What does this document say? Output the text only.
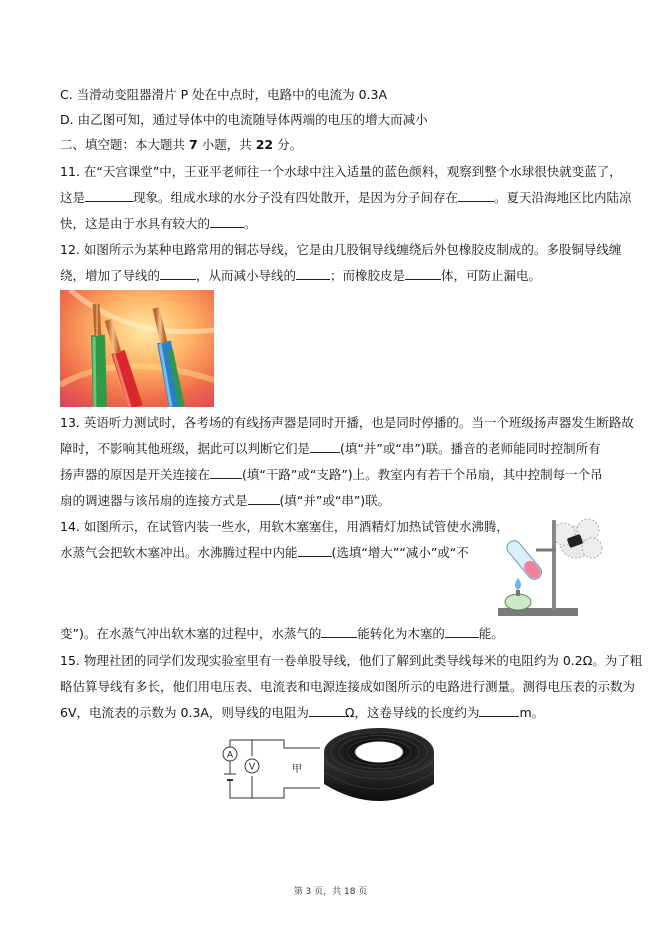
C. 当滑动变阻器滑片 P 处在中点时，电路中的电流为 0.3A
D. 由乙图可知，通过导体中的电流随导体两端的电压的增大而减小
二、填空题：本大题共 7 小题，共 22 分。
11. 在“天宫课堂”中，王亚平老师往一个水球中注入适量的蓝色颜料，观察到整个水球很快就变蓝了，
这是	现象。组成水球的水分子没有四处散开，是因为分子间存在	。夏天沿海地区比内陆凉
快，这是由于水具有较大的	。
12. 如图所示为某种电路常用的铜芯导线，它是由几股铜导线缠绕后外包橡胶皮制成的。多股铜导线缠
绕，增加了导线的	，从而减小导线的	；而橡胶皮是	体，可防止漏电。
13. 英语听力测试时，各考场的有线扬声器是同时开播，也是同时停播的。当一个班级扬声器发生断路故
障时，不影响其他班级，据此可以判断它们是 (填“并”或“串”)联。播音的老师能同时控制所有
扬声器的原因是开关连接在	(填“干路”或“支路”)上。教室内有若干个吊扇，其中控制每一个吊
扇的调速器与该吊扇的连接方式是	(填“并”或“串”)联。
14. 如图所示，在试管内装一些水，用软木塞塞住，用酒精灯加热试管使水沸腾，
水蒸气会把软木塞冲出。水沸腾过程中内能	(选填“增大”“减小”或“不
变”)。在水蒸气冲出软木塞的过程中，水蒸气的	能转化为木塞的	能。
15. 物理社团的同学们发现实验室里有一卷单股导线，他们了解到此类导线每米的电阻约为 0.2Ω。为了粗
略估算导线有多长，他们用电压表、电流表和电源连接成如图所示的电路进行测量。测得电压表的示数为
6V，电流表的示数为 0.3A，则导线的电阻为	Ω，这卷导线的长度约为	m。
A
V	甲
第 3 页，共 18 页
